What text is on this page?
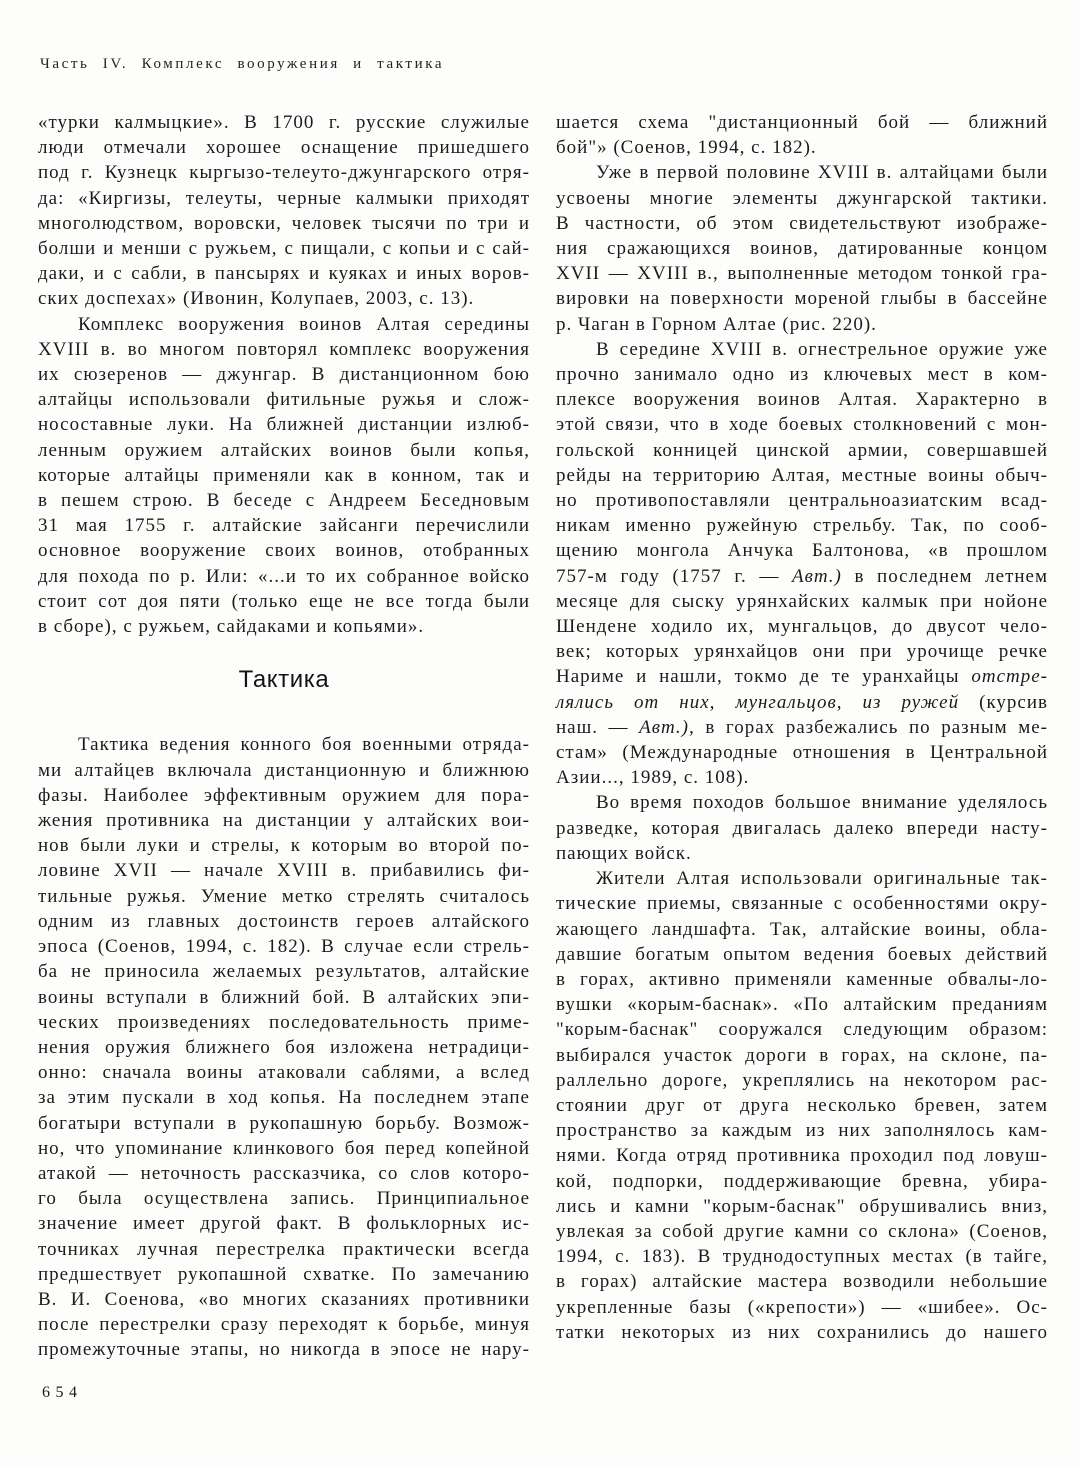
Часть IV. Комплекс вооружения и тактика
«турки калмыцкие». В 1700 г. русские служилые
люди отмечали хорошее оснащение пришедшего
под г. Кузнецк кыргызо-телеуто-джунгарского отря-
да: «Киргизы, телеуты, черные калмыки приходят
многолюдством, воровски, человек тысячи по три и
болши и менши с ружьем, с пищали, с копьи и с сай-
даки, и с сабли, в пансырях и куяках и иных воров-
ских доспехах» (Ивонин, Колупаев, 2003, с. 13).
Комплекс вооружения воинов Алтая середины
XVIII в. во многом повторял комплекс вооружения
их сюзеренов — джунгар. В дистанционном бою
алтайцы использовали фитильные ружья и слож-
носоставные луки. На ближней дистанции излюб-
ленным оружием алтайских воинов были копья,
которые алтайцы применяли как в конном, так и
в пешем строю. В беседе с Андреем Беседновым
31 мая 1755 г. алтайские зайсанги перечислили
основное вооружение своих воинов, отобранных
для похода по р. Или: «...и то их собранное войско
стоит сот доя пяти (только еще не все тогда были
в сборе), с ружьем, сайдаками и копьями».
Тактика
Тактика ведения конного боя военными отряда-
ми алтайцев включала дистанционную и ближнюю
фазы. Наиболее эффективным оружием для пора-
жения противника на дистанции у алтайских вои-
нов были луки и стрелы, к которым во второй по-
ловине XVII — начале XVIII в. прибавились фи-
тильные ружья. Умение метко стрелять считалось
одним из главных достоинств героев алтайского
эпоса (Соенов, 1994, с. 182). В случае если стрель-
ба не приносила желаемых результатов, алтайские
воины вступали в ближний бой. В алтайских эпи-
ческих произведениях последовательность приме-
нения оружия ближнего боя изложена нетрадици-
онно: сначала воины атаковали саблями, а вслед
за этим пускали в ход копья. На последнем этапе
богатыри вступали в рукопашную борьбу. Возмож-
но, что упоминание клинкового боя перед копейной
атакой — неточность рассказчика, со слов которо-
го была осуществлена запись. Принципиальное
значение имеет другой факт. В фольклорных ис-
точниках лучная перестрелка практически всегда
предшествует рукопашной схватке. По замечанию
В. И. Соенова, «во многих сказаниях противники
после перестрелки сразу переходят к борьбе, минуя
промежуточные этапы, но никогда в эпосе не нару-
шается схема "дистанционный бой — ближний
бой"» (Соенов, 1994, с. 182).
Уже в первой половине XVIII в. алтайцами были
усвоены многие элементы джунгарской тактики.
В частности, об этом свидетельствуют изображе-
ния сражающихся воинов, датированные концом
XVII — XVIII в., выполненные методом тонкой гра-
вировки на поверхности мореной глыбы в бассейне
р. Чаган в Горном Алтае (рис. 220).
В середине XVIII в. огнестрельное оружие уже
прочно занимало одно из ключевых мест в ком-
плексе вооружения воинов Алтая. Характерно в
этой связи, что в ходе боевых столкновений с мон-
гольской конницей цинской армии, совершавшей
рейды на территорию Алтая, местные воины обыч-
но противопоставляли центральноазиатским всад-
никам именно ружейную стрельбу. Так, по сооб-
щению монгола Анчука Балтонова, «в прошлом
757-м году (1757 г. — Авт.) в последнем летнем
месяце для сыску урянхайских калмык при нойоне
Шендене ходило их, мунгальцов, до двусот чело-
век; которых урянхайцов они при урочище речке
Нариме и нашли, токмо де те уранхайцы отстре-
лялись от них, мунгальцов, из ружей (курсив
наш. — Авт.), в горах разбежались по разным ме-
стам» (Международные отношения в Центральной
Азии..., 1989, с. 108).
Во время походов большое внимание уделялось
разведке, которая двигалась далеко впереди насту-
пающих войск.
Жители Алтая использовали оригинальные так-
тические приемы, связанные с особенностями окру-
жающего ландшафта. Так, алтайские воины, обла-
давшие богатым опытом ведения боевых действий
в горах, активно применяли каменные обвалы-ло-
вушки «корым-баснак». «По алтайским преданиям
"корым-баснак" сооружался следующим образом:
выбирался участок дороги в горах, на склоне, па-
раллельно дороге, укреплялись на некотором рас-
стоянии друг от друга несколько бревен, затем
пространство за каждым из них заполнялось кам-
нями. Когда отряд противника проходил под ловуш-
кой, подпорки, поддерживающие бревна, убира-
лись и камни "корым-баснак" обрушивались вниз,
увлекая за собой другие камни со склона» (Соенов,
1994, с. 183). В труднодоступных местах (в тайге,
в горах) алтайские мастера возводили небольшие
укрепленные базы («крепости») — «шибее». Ос-
татки некоторых из них сохранились до нашего
654
